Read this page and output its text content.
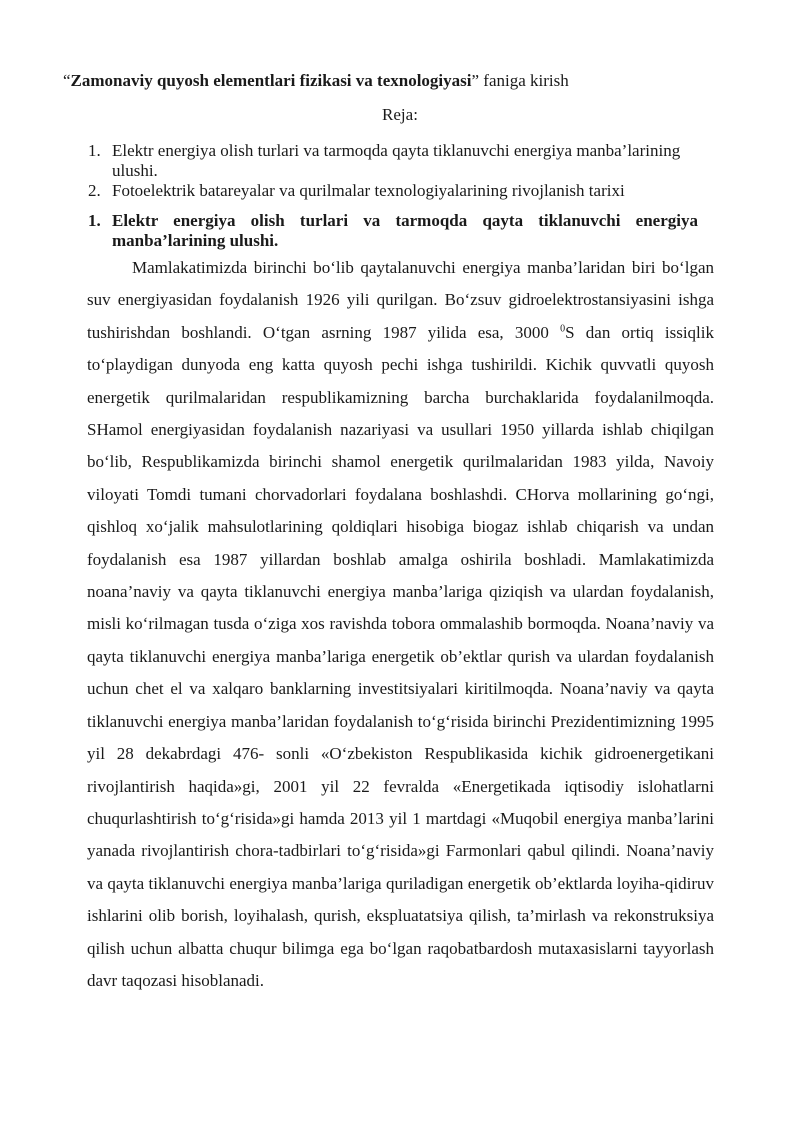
“Zamonaviy quyosh elementlari fizikasi va texnologiyasi” faniga kirish
Reja:
1. Elektr energiya olish turlari va tarmoqda qayta tiklanuvchi energiya manba’larining ulushi.
2. Fotoelektrik batareyalar va qurilmalar texnologiyalarining rivojlanish tarixi
1. Elektr energiya olish turlari va tarmoqda qayta tiklanuvchi energiya manba’larining ulushi.
Mamlakatimizda birinchi bo‘lib qaytalanuvchi energiya manba’laridan biri bo‘lgan suv energiyasidan foydalanish 1926 yili qurilgan. Bo‘zsuv gidroelektrostansiyasini ishga tushirishdan boshlandi. O‘tgan asrning 1987 yilida esa, 3000 $^0$S dan ortiq issiqlik to‘playdigan dunyoda eng katta quyosh pechi ishga tushirildi. Kichik quvvatli quyosh energetik qurilmalaridan respublikamizning barcha burchaklarida foydalanilmoqda. SHamol energiyasidan foydalanish nazariyasi va usullari 1950 yillarda ishlab chiqilgan bo‘lib, Respublikamizda birinchi shamol energetik qurilmalaridan 1983 yilda, Navoiy viloyati Tomdi tumani chorvadorlari foydalana boshlashdi. CHorva mollarining go‘ngi, qishloq xo‘jalik mahsulotlarining qoldiqlari hisobiga biogaz ishlab chiqarish va undan foydalanish esa 1987 yillardan boshlab amalga oshirila boshladi. Mamlakatimizda noana’naviy va qayta tiklanuvchi energiya manba’lariga qiziqish va ulardan foydalanish, misli ko‘rilmagan tusda o‘ziga xos ravishda tobora ommalashib bormoqda. Noana’naviy va qayta tiklanuvchi energiya manba’lariga energetik ob’ektlar qurish va ulardan foydalanish uchun chet el va xalqaro banklarning investitsiyalari kiritilmoqda. Noana’naviy va qayta tiklanuvchi energiya manba’laridan foydalanish to‘g‘risida birinchi Prezidentimizning 1995 yil 28 dekabrdagi 476- sonli «O‘zbekiston Respublikasida kichik gidroenergetikani rivojlantirish haqida»gi, 2001 yil 22 fevralda «Energetikada iqtisodiy islohatlarni chuqurlashtirish to‘g‘risida»gi hamda 2013 yil 1 martdagi «Muqobil energiya manba’larini yanada rivojlantirish chora-tadbirlari to‘g‘risida»gi Farmonlari qabul qilindi. Noana’naviy va qayta tiklanuvchi energiya manba’lariga quriladigan energetik ob’ektlarda loyiha-qidiruv ishlarini olib borish, loyihalash, qurish, ekspluatatsiya qilish, ta’mirlash va rekonstruksiya qilish uchun albatta chuqur bilimga ega bo‘lgan raqobatbardosh mutaxasislarni tayyorlash davr taqozasi hisoblanadi.
